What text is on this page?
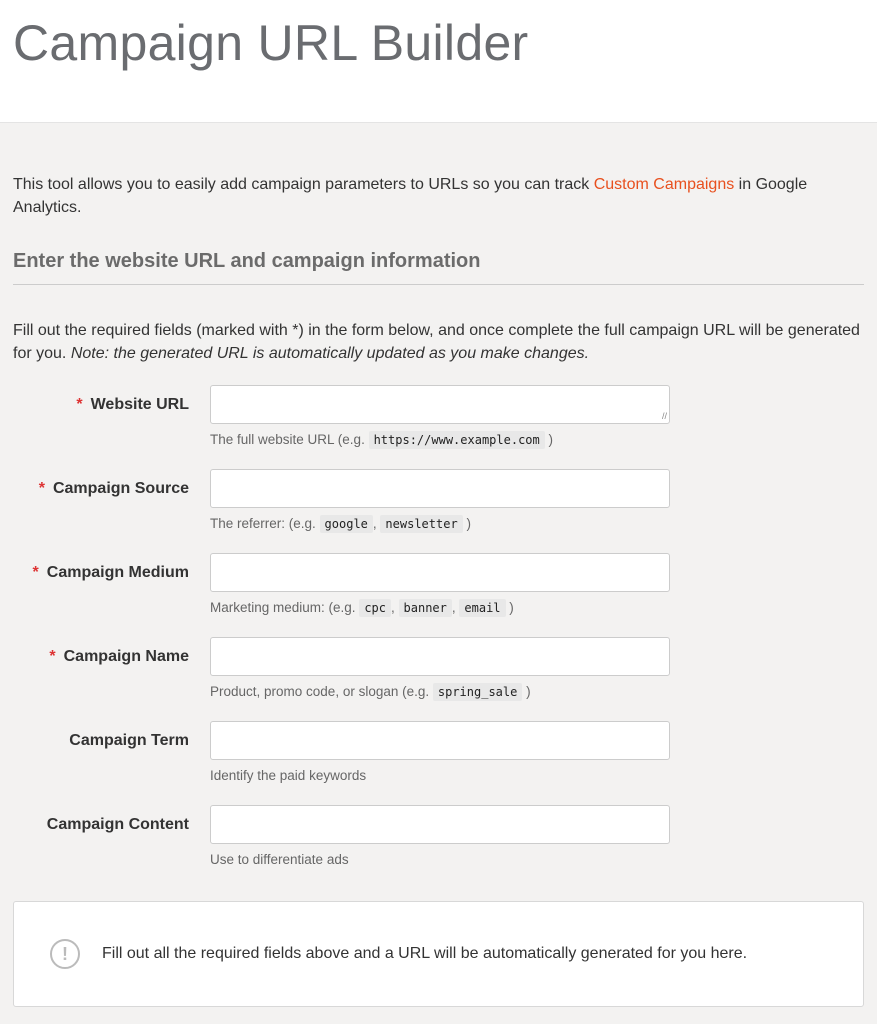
Campaign URL Builder

This tool allows you to easily add campaign parameters to URLs so you can track Custom Campaigns in Google Analytics.

Enter the website URL and campaign information

Fill out the required fields (marked with *) in the form below, and once complete the full campaign URL will be generated for you. Note: the generated URL is automatically updated as you make changes.

* Website URL
//
The full website URL (e.g. https://www.example.com )
* Campaign Source
The referrer: (e.g. google , newsletter )
* Campaign Medium
Marketing medium: (e.g. cpc , banner , email )
* Campaign Name
Product, promo code, or slogan (e.g. spring_sale )
Campaign Term
Identify the paid keywords
Campaign Content
Use to differentiate ads
!	Fill out all the required fields above and a URL will be automatically generated for you here.
